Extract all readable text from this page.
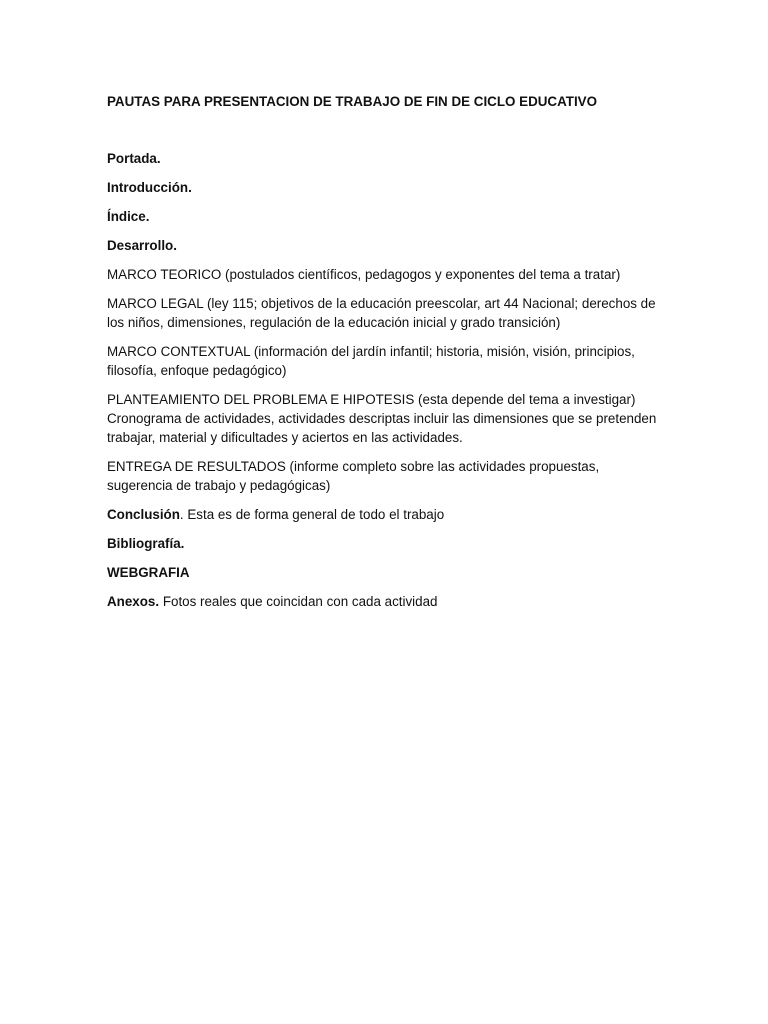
PAUTAS PARA PRESENTACION DE TRABAJO DE FIN DE CICLO EDUCATIVO

Portada.

Introducción.

Índice.

Desarrollo.

MARCO TEORICO (postulados científicos, pedagogos y exponentes del tema a tratar)

MARCO LEGAL (ley 115; objetivos de la educación preescolar, art 44 Nacional; derechos de los niños, dimensiones, regulación de la educación inicial y grado transición)

MARCO CONTEXTUAL (información del jardín infantil; historia, misión, visión, principios, filosofía, enfoque pedagógico)

PLANTEAMIENTO DEL PROBLEMA E HIPOTESIS (esta depende del tema a investigar) Cronograma de actividades, actividades descriptas incluir las dimensiones que se pretenden trabajar, material y dificultades y aciertos en las actividades.

ENTREGA DE RESULTADOS (informe completo sobre las actividades propuestas, sugerencia de trabajo y pedagógicas)

Conclusión. Esta es de forma general de todo el trabajo

Bibliografía.

WEBGRAFIA

Anexos. Fotos reales que coincidan con cada actividad
